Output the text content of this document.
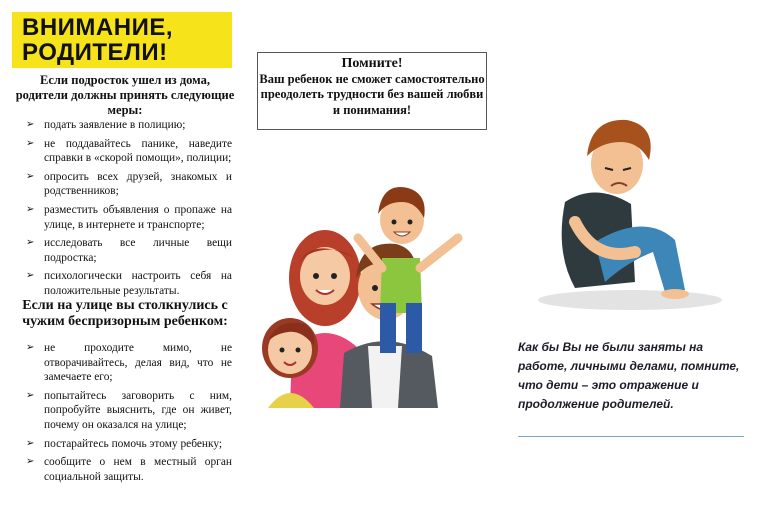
ВНИМАНИЕ,
РОДИТЕЛИ!
Если подросток ушел из дома, родители должны принять следующие меры:
➢ подать заявление в полицию;
➢ не поддавайтесь панике, наведите справки в «скорой помощи», полиции;
➢ опросить всех друзей, знакомых и родственников;
➢ разместить объявления о пропаже на улице, в интернете и транспорте;
➢ исследовать все личные вещи подростка;
➢ психологически настроить себя на положительные результаты.
Если на улице вы столкнулись с чужим беспризорным ребенком:
➢ не проходите мимо, не отворачивайтесь, делая вид, что не замечаете его;
➢ попытайтесь заговорить с ним, попробуйте выяснить, где он живет, почему он оказался на улице;
➢ постарайтесь помочь этому ребенку;
➢ сообщите о нем в местный орган социальной защиты.
Помните!
Ваш ребенок не сможет самостоятельно преодолеть трудности без вашей любви и понимания!
Как бы Вы не были заняты на работе, личными делами, помните, что дети – это отражение и продолжение родителей.
